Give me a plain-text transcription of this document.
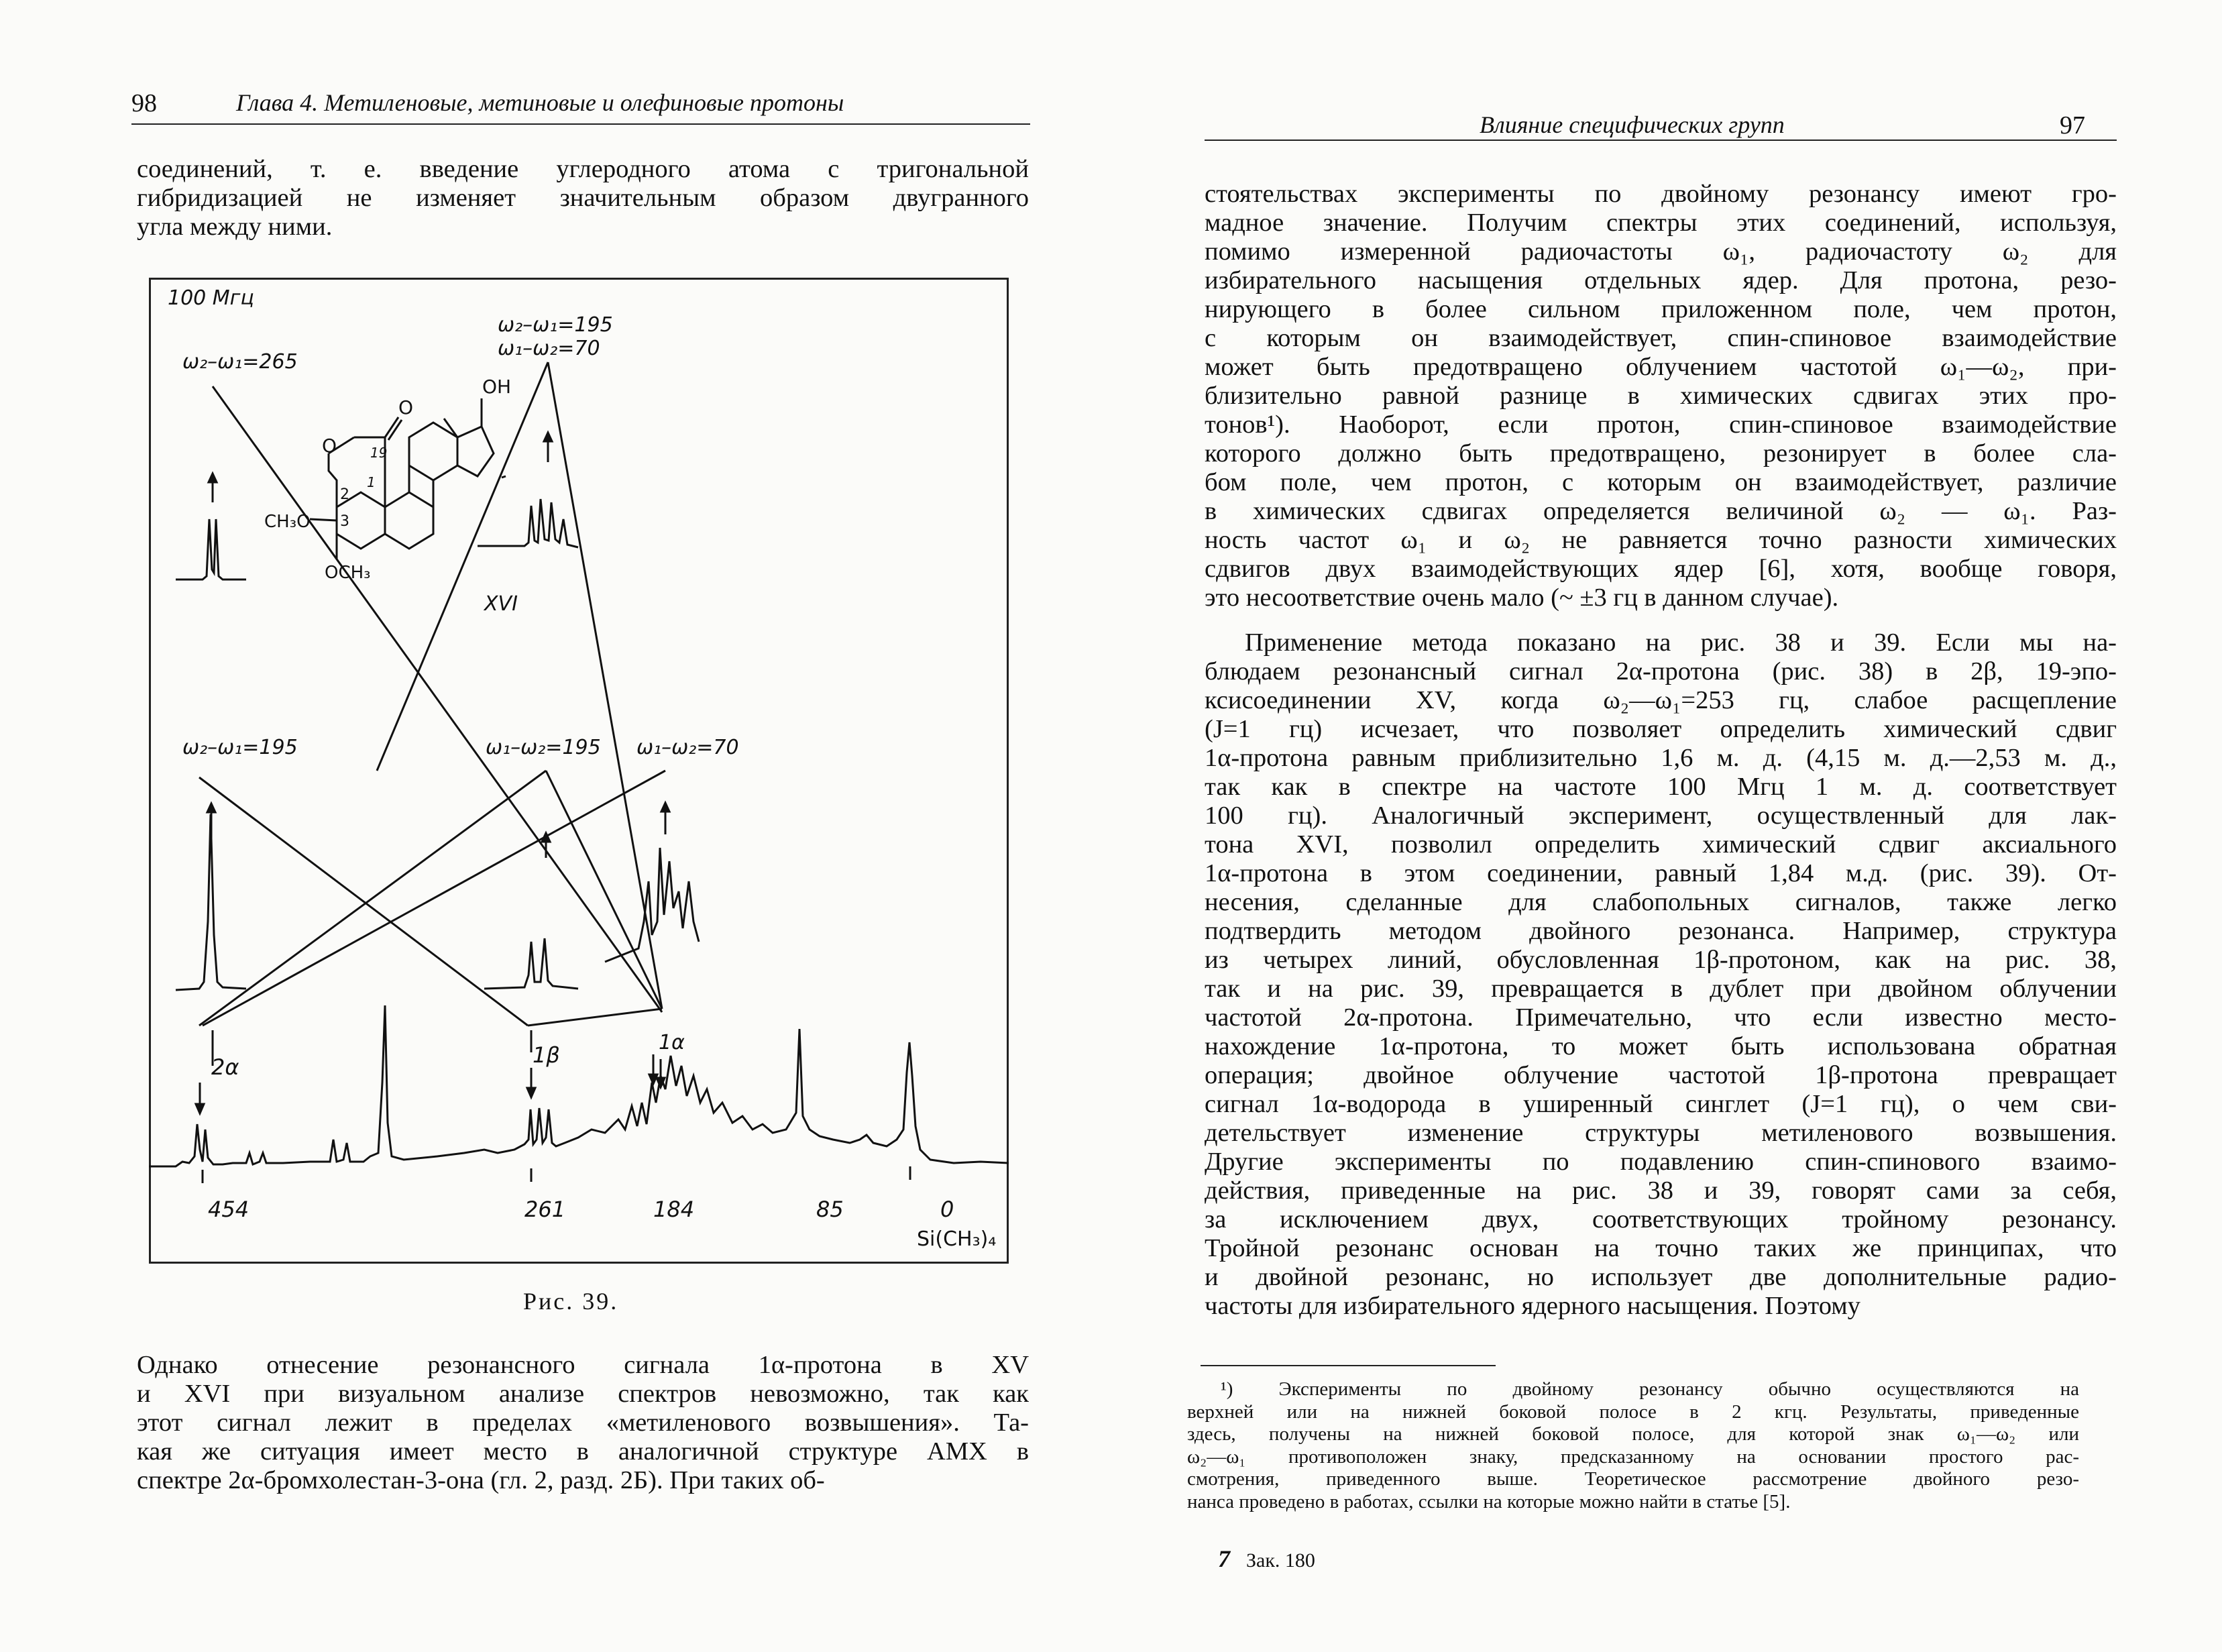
98	Глава 4. Метиленовые, метиновые и олефиновые протоны
соединений, т. е. введение углеродного атома с тригональной
гибридизацией не изменяет значительным образом двугранного
угла между ними.
100 Мгц
ω₂–ω₁=265
ω₂–ω₁=195
ω₁–ω₂=70
ω₂–ω₁=195	ω₁–ω₂=195 ω₁–ω₂=70
2α	1β	1α
454	261	184	85	0
Si(CH₃)₄
OH
O
O 19
1
2
3
CH₃O
OCH₃
XVI
Рис. 39.
Однако отнесение резонансного сигнала 1α-протона в XV
и XVI при визуальном анализе спектров невозможно, так как
этот сигнал лежит в пределах «метиленового возвышения». Та-
кая же ситуация имеет место в аналогичной структуре AMX в
спектре 2α-бромхолестан-3-она (гл. 2, разд. 2Б). При таких об-
Влияние специфических групп	97
стоятельствах эксперименты по двойному резонансу имеют гро-
мадное значение. Получим спектры этих соединений, используя,
помимо измеренной радиочастоты ω₁, радиочастоту ω₂ для
избирательного насыщения отдельных ядер. Для протона, резо-
нирующего в более сильном приложенном поле, чем протон,
с которым он взаимодействует, спин-спиновое взаимодействие
может быть предотвращено облучением частотой ω₁—ω₂, при-
близительно равной разнице в химических сдвигах этих про-
тонов¹). Наоборот, если протон, спин-спиновое взаимодействие
которого должно быть предотвращено, резонирует в более сла-
бом поле, чем протон, с которым он взаимодействует, различие
в химических сдвигах определяется величиной ω₂ — ω₁. Раз-
ность частот ω₁ и ω₂ не равняется точно разности химических
сдвигов двух взаимодействующих ядер [6], хотя, вообще говоря,
это несоответствие очень мало (~ ±3 гц в данном случае).
Применение метода показано на рис. 38 и 39. Если мы на-
блюдаем резонансный сигнал 2α-протона (рис. 38) в 2β, 19-эпо-
ксисоединении XV, когда ω₂—ω₁=253 гц, слабое расщепление
(J=1 гц) исчезает, что позволяет определить химический сдвиг
1α-протона равным приблизительно 1,6 м. д. (4,15 м. д.—2,53 м. д.,
так как в спектре на частоте 100 Мгц 1 м. д. соответствует
100 гц). Аналогичный эксперимент, осуществленный для лак-
тона XVI, позволил определить химический сдвиг аксиального
1α-протона в этом соединении, равный 1,84 м.д. (рис. 39). От-
несения, сделанные для слабопольных сигналов, также легко
подтвердить методом двойного резонанса. Например, структура
из четырех линий, обусловленная 1β-протоном, как на рис. 38,
так и на рис. 39, превращается в дублет при двойном облучении
частотой 2α-протона. Примечательно, что если известно место-
нахождение 1α-протона, то может быть использована обратная
операция; двойное облучение частотой 1β-протона превращает
сигнал 1α-водорода в уширенный синглет (J=1 гц), о чем сви-
детельствует изменение структуры метиленового возвышения.
Другие эксперименты по подавлению спин-спинового взаимо-
действия, приведенные на рис. 38 и 39, говорят сами за себя,
за исключением двух, соответствующих тройному резонансу.
Тройной резонанс основан на точно таких же принципах, что
и двойной резонанс, но использует две дополнительные радио-
частоты для избирательного ядерного насыщения. Поэтому
¹) Эксперименты по двойному резонансу обычно осуществляются на
верхней или на нижней боковой полосе в 2 кгц. Результаты, приведенные
здесь, получены на нижней боковой полосе, для которой знак ω₁—ω₂ или
ω₂—ω₁ противоположен знаку, предсказанному на основании простого рас-
смотрения, приведенного выше. Теоретическое рассмотрение двойного резо-
нанса проведено в работах, ссылки на которые можно найти в статье [5].
7 Зак. 180
